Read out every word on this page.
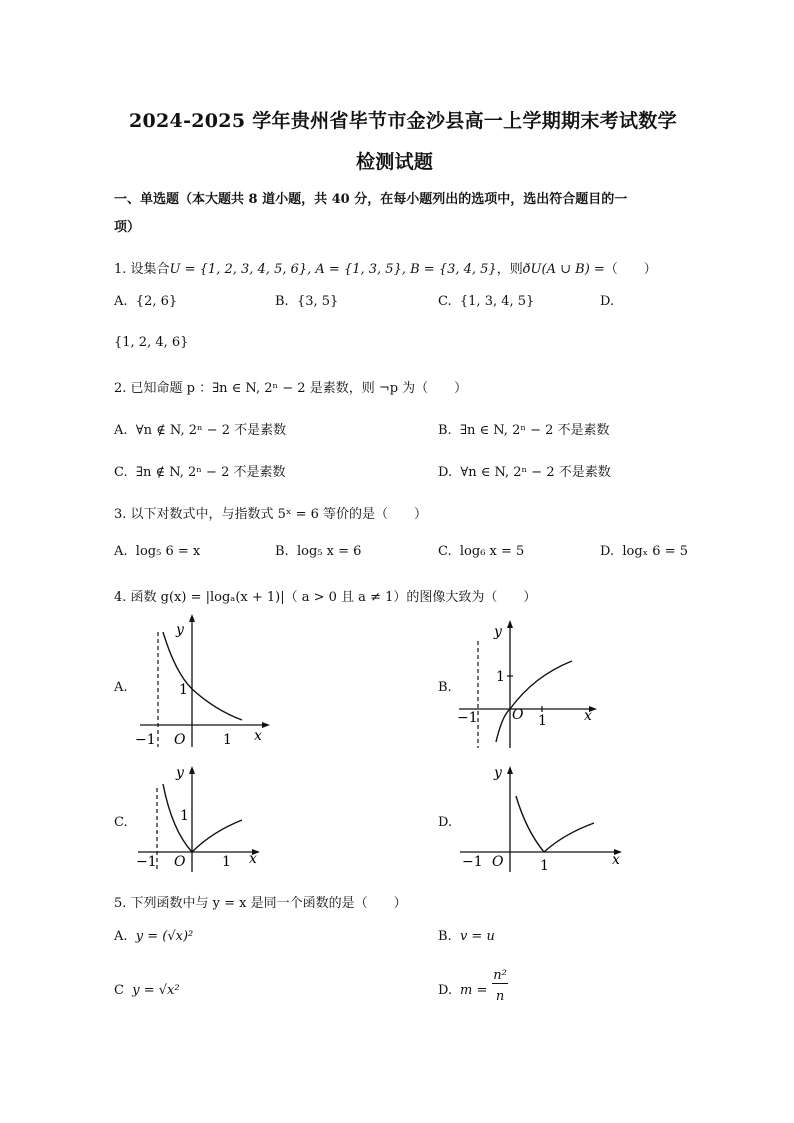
2024-2025 学年贵州省毕节市金沙县高一上学期期末考试数学
检测试题
一、单选题（本大题共 8 道小题，共 40 分，在每小题列出的选项中，选出符合题目的一
项）
1. 设集合U = {1, 2, 3, 4, 5, 6}, A = {1, 3, 5}, B = {3, 4, 5}，则ðU(A ∪ B) =（　　）
A. {2, 6}	B. {3, 5}	C. {1, 3, 4, 5}	D.
{1, 2, 4, 6}
2. 已知命题 p ：∃n ∈ N, 2ⁿ − 2 是素数，则 ¬p 为（　　）
A. ∀n ∉ N, 2ⁿ − 2 不是素数	B. ∃n ∈ N, 2ⁿ − 2 不是素数
C. ∃n ∉ N, 2ⁿ − 2 不是素数	D. ∀n ∈ N, 2ⁿ − 2 不是素数
3. 以下对数式中，与指数式 5ˣ = 6 等价的是（　　）
A. log₅ 6 = x	B. log₅ x = 6	C. log₆ x = 5	D. logₓ 6 = 5
4. 函数 g(x) = |logₐ(x + 1)|（ a > 0 且 a ≠ 1）的图像大致为（　　）
A.
y
x
O
−1	1
1	B.
y
x
O
−1	1
1
C.
y
x
O
−1	1
1	D.
y
x
O
−1	1
5. 下列函数中与 y = x 是同一个函数的是（　　）
A. y = (√x)²	B. v = u
C y = √x²	D. m =
n²
n
